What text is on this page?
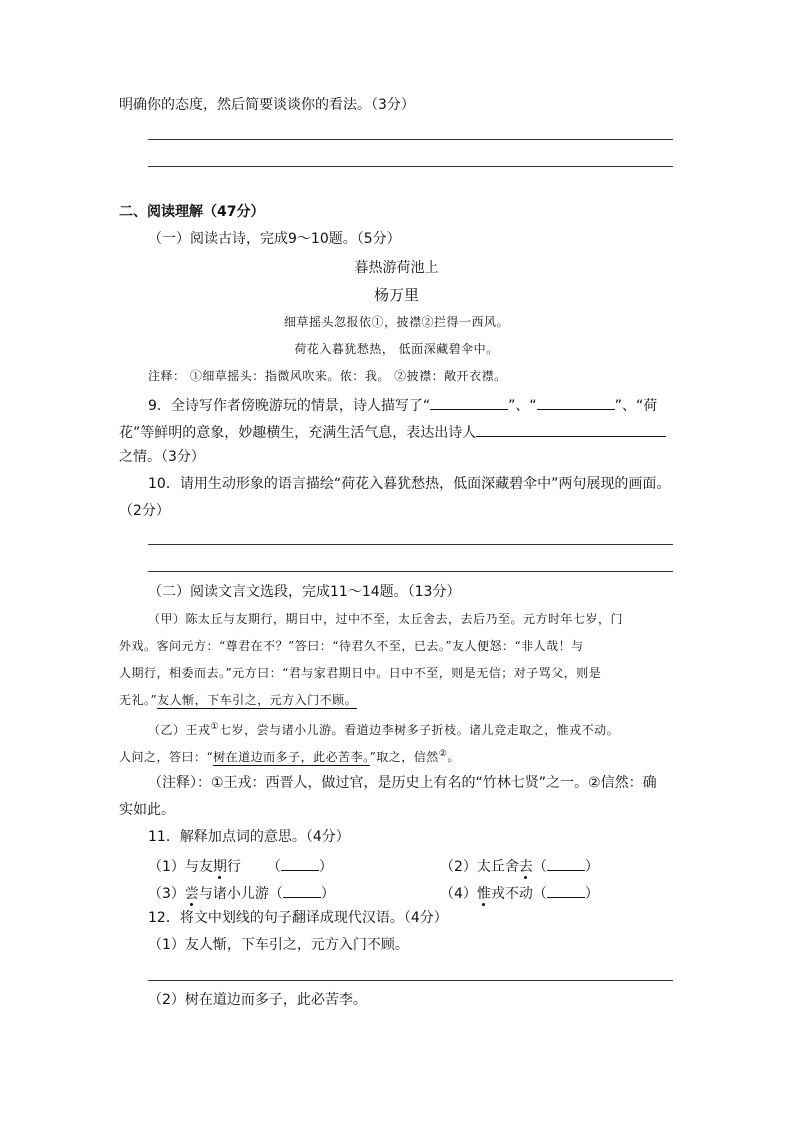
明确你的态度，然后简要谈谈你的看法。（3分）
二、阅读理解（47分）
（一）阅读古诗，完成9～10题。（5分）
暮热游荷池上
杨万里
细草摇头忽报依①，披襟②拦得一西风。
荷花入暮犹愁热， 低面深藏碧伞中。
注释： ①细草摇头：指微风吹来。侬：我。 ②披襟：敞开衣襟。
9．全诗写作者傍晚游玩的情景，诗人描写了“	”、“	”、“荷
花”等鲜明的意象，妙趣横生，充满生活气息，表达出诗人
之情。（3分）
10．请用生动形象的语言描绘“荷花入暮犹愁热，低面深藏碧伞中”两句展现的画面。
（2分）
（二）阅读文言文选段，完成11～14题。（13分）
（甲）陈太丘与友期行，期日中，过中不至，太丘舍去，去后乃至。元方时年七岁，门
外戏。客问元方：“尊君在不？”答曰：“待君久不至，已去。”友人便怒：“非人哉！与
人期行，相委而去。”元方曰：“君与家君期日中。日中不至，则是无信；对子骂父，则是
无礼。”友人惭，下车引之，元方入门不顾。
（乙）王戎①七岁，尝与诸小儿游。看道边李树多子折枝。诸儿竞走取之，惟戎不动。
人问之，答曰：“树在道边而多子，此必苦李。”取之，信然②。
（注释）：①王戎：西晋人，做过官，是历史上有名的“竹林七贤”之一。②信然：确
实如此。
11．解释加点词的意思。（4分）
（1）与友期行 （	）	（2）太丘舍去（	）
（3）尝与诸小儿游（	）	（4）惟戎不动（	）
12．将文中划线的句子翻译成现代汉语。（4分）
（1）友人惭，下车引之，元方入门不顾。
（2）树在道边而多子，此必苦李。
